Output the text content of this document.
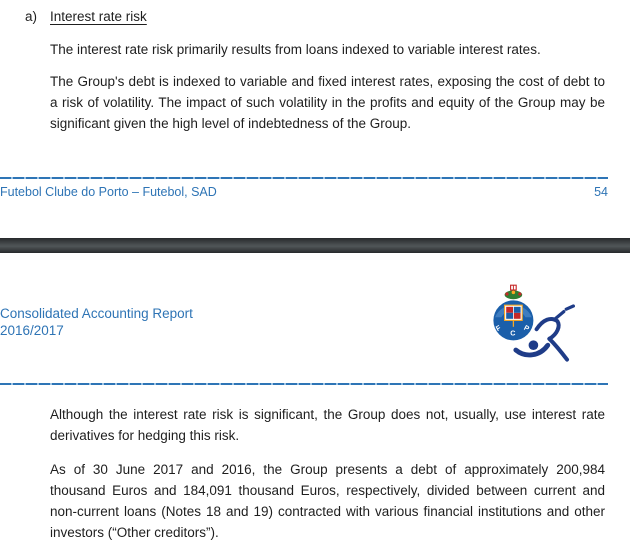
a) Interest rate risk
The interest rate risk primarily results from loans indexed to variable interest rates.
The Group's debt is indexed to variable and fixed interest rates, exposing the cost of debt to a risk of volatility. The impact of such volatility in the profits and equity of the Group may be significant given the high level of indebtedness of the Group.
Futebol Clube do Porto – Futebol, SAD	54
Consolidated Accounting Report
2016/2017	F C P
Although the interest rate risk is significant, the Group does not, usually, use interest rate derivatives for hedging this risk.
As of 30 June 2017 and 2016, the Group presents a debt of approximately 200,984 thousand Euros and 184,091 thousand Euros, respectively, divided between current and non-current loans (Notes 18 and 19) contracted with various financial institutions and other investors (“Other creditors”).
